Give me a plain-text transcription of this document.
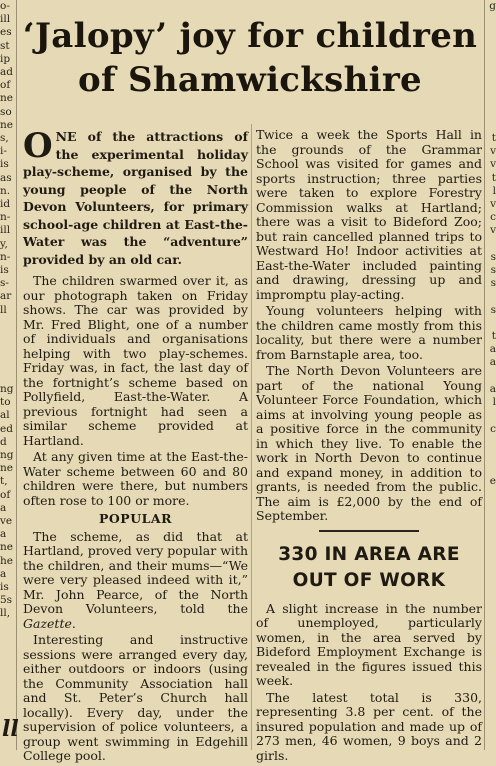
o-
ill
es
st
ip
ad
of
ne
so
ne
s,
i-
is
as
n.
id
n-
ill
y,
n-
is
s-
ar
ll

ng
to
al
ed
d
ng
ne
t,
of
a
ve
a
ne
he
a
is
5s
ll,
g

t
v
v
t
l
v
c
v

s
s
s

s

t
a
a

a
l

c

e
‘Jalopy’ joy for children
of Shamwickshire

ONE of the attractions of the experimental holiday play-scheme, organised by the young people of the North Devon Volunteers, for primary school-age children at East-the-Water was the “adventure” provided by an old car.

The children swarmed over it, as our photograph taken on Friday shows. The car was provided by Mr. Fred Blight, one of a number of individuals and organisations helping with two play-schemes. Friday was, in fact, the last day of the fortnight’s scheme based on Pollyfield, East-the-Water. A previous fortnight had seen a similar scheme provided at Hartland.

At any given time at the East-the-Water scheme between 60 and 80 children were there, but numbers often rose to 100 or more.

POPULAR

The scheme, as did that at Hartland, proved very popular with the children, and their mums—“We were very pleased indeed with it,” Mr. John Pearce, of the North Devon Volunteers, told the Gazette.

Interesting and instructive sessions were arranged every day, either outdoors or indoors (using the Community Association hall and St. Peter’s Church hall locally). Every day, under the supervision of police volunteers, a group went swimming in Edgehill College pool.

Twice a week the Sports Hall in the grounds of the Grammar School was visited for games and sports instruction; three parties were taken to explore Forestry Commission walks at Hartland; there was a visit to Bideford Zoo; but rain cancelled planned trips to Westward Ho! Indoor activities at East-the-Water included painting and drawing, dressing up and impromptu play-acting.

Young volunteers helping with the children came mostly from this locality, but there were a number from Barnstaple area, too.

The North Devon Volunteers are part of the national Young Volunteer Force Foundation, which aims at involving young people as a positive force in the community in which they live. To enable the work in North Devon to continue and expand money, in addition to grants, is needed from the public. The aim is £2,000 by the end of September.

330 IN AREA ARE
OUT OF WORK

A slight increase in the number of unemployed, particularly women, in the area served by Bideford Employment Exchange is revealed in the figures issued this week.

The latest total is 330, representing 3.8 per cent. of the insured population and made up of 273 men, 46 women, 9 boys and 2 girls.

ll
